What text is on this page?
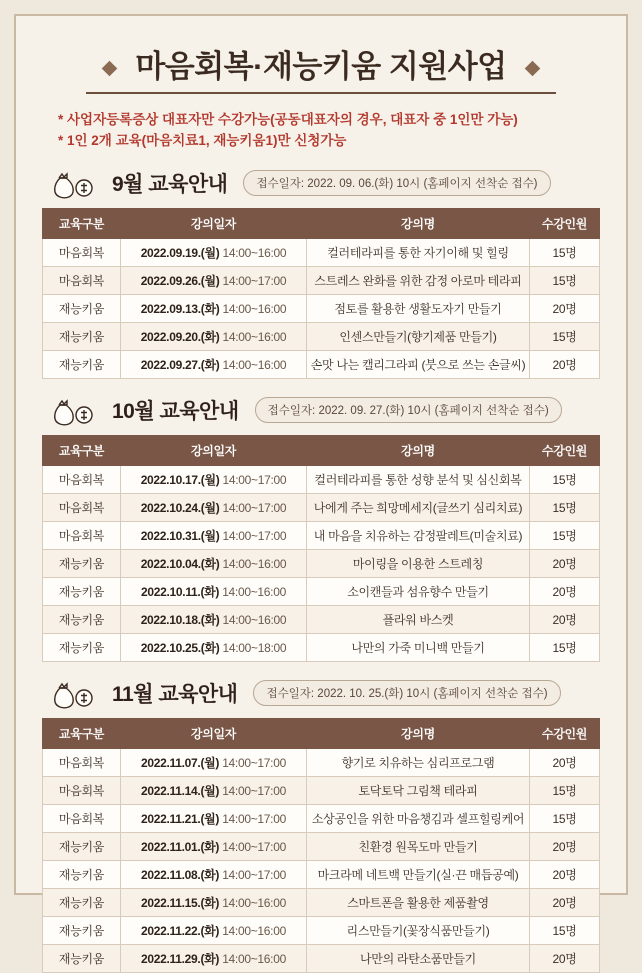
마음회복·재능키움 지원사업
* 사업자등록증상 대표자만 수강가능(공동대표자의 경우, 대표자 중 1인만 가능)
* 1인 2개 교육(마음치료1, 재능키움1)만 신청가능
9월 교육안내	접수일자: 2022. 09. 06.(화) 10시 (홈페이지 선착순 접수)
교육구분	강의일자	강의명	수강인원
마음회복	2022.09.19.(월) 14:00~16:00	컬러테라피를 통한 자기이해 및 힐링	15명
마음회복	2022.09.26.(월) 14:00~17:00	스트레스 완화를 위한 감정 아로마 테라피	15명
재능키움	2022.09.13.(화) 14:00~16:00	점토를 활용한 생활도자기 만들기	20명
재능키움	2022.09.20.(화) 14:00~16:00	인센스만들기(향기제품 만들기)	15명
재능키움	2022.09.27.(화) 14:00~16:00	손맛 나는 캘리그라피 (붓으로 쓰는 손글씨)	20명
10월 교육안내	접수일자: 2022. 09. 27.(화) 10시 (홈페이지 선착순 접수)
교육구분	강의일자	강의명	수강인원
마음회복	2022.10.17.(월) 14:00~17:00	컬러테라피를 통한 성향 분석 및 심신회복	15명
마음회복	2022.10.24.(월) 14:00~17:00	나에게 주는 희망메세지(글쓰기 심리치료)	15명
마음회복	2022.10.31.(월) 14:00~17:00	내 마음을 치유하는 감정팔레트(미술치료)	15명
재능키움	2022.10.04.(화) 14:00~16:00	마이링을 이용한 스트레칭	20명
재능키움	2022.10.11.(화) 14:00~16:00	소이캔들과 섬유향수 만들기	20명
재능키움	2022.10.18.(화) 14:00~16:00	플라워 바스켓	20명
재능키움	2022.10.25.(화) 14:00~18:00	나만의 가죽 미니백 만들기	15명
11월 교육안내	접수일자: 2022. 10. 25.(화) 10시 (홈페이지 선착순 접수)
교육구분	강의일자	강의명	수강인원
마음회복	2022.11.07.(월) 14:00~17:00	향기로 치유하는 심리프로그램	20명
마음회복	2022.11.14.(월) 14:00~17:00	토닥토닥 그림책 테라피	15명
마음회복	2022.11.21.(월) 14:00~17:00	소상공인을 위한 마음챙김과 셀프힐링케어	15명
재능키움	2022.11.01.(화) 14:00~17:00	친환경 원목도마 만들기	20명
재능키움	2022.11.08.(화) 14:00~17:00	마크라메 네트백 만들기(실·끈 매듭공예)	20명
재능키움	2022.11.15.(화) 14:00~16:00	스마트폰을 활용한 제품촬영	20명
재능키움	2022.11.22.(화) 14:00~16:00	리스만들기(꽃장식품만들기)	15명
재능키움	2022.11.29.(화) 14:00~16:00	나만의 라탄소품만들기	20명
